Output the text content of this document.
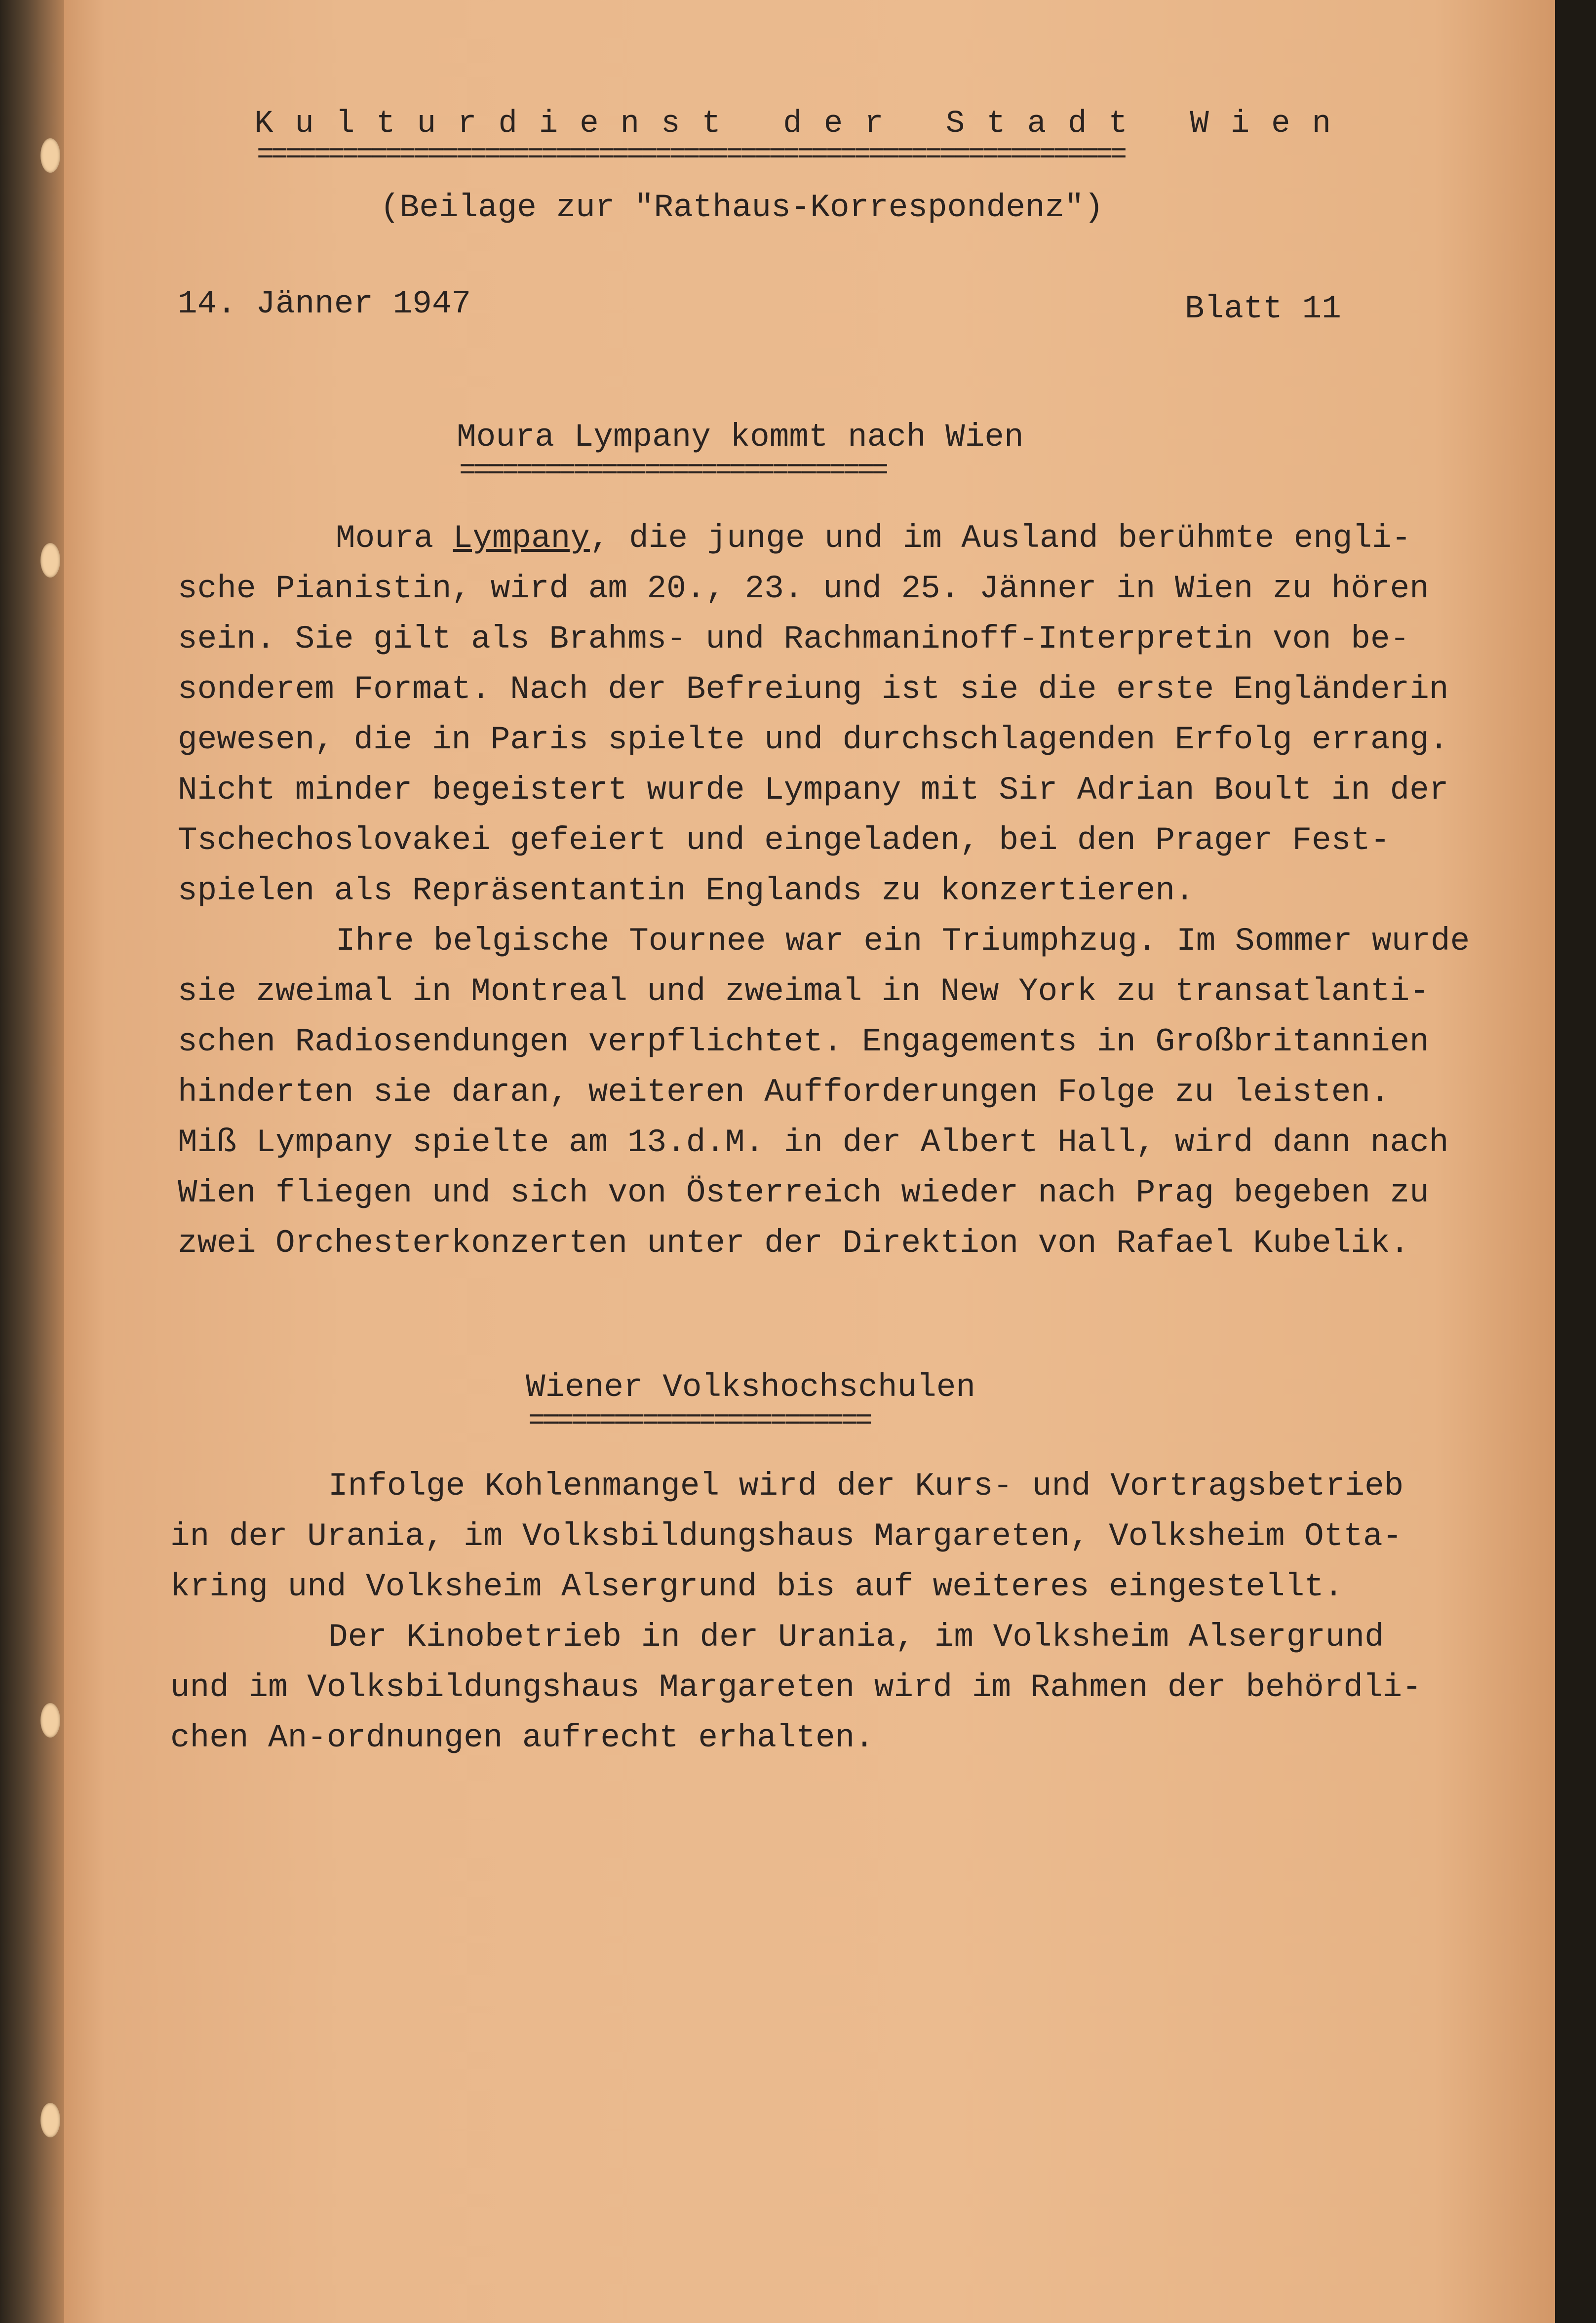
Kulturdienst der Stadt Wien

=============================================================

(Beilage zur "Rathaus-Korrespondenz")

14. Jänner 1947	Blatt 11

Moura Lympany kommt nach Wien

==============================

Moura Lympany, die junge und im Ausland berühmte engli-

sche Pianistin, wird am 20., 23. und 25. Jänner in Wien zu hören

sein. Sie gilt als Brahms- und Rachmaninoff-Interpretin von be-

sonderem Format. Nach der Befreiung ist sie die erste Engländerin

gewesen, die in Paris spielte und durchschlagenden Erfolg errang.

Nicht minder begeistert wurde Lympany mit Sir Adrian Boult in der

Tschechoslovakei gefeiert und eingeladen, bei den Prager Fest-

spielen als Repräsentantin Englands zu konzertieren.

Ihre belgische Tournee war ein Triumphzug. Im Sommer wurde

sie zweimal in Montreal und zweimal in New York zu transatlanti-

schen Radiosendungen verpflichtet. Engagements in Großbritannien

hinderten sie daran, weiteren Aufforderungen Folge zu leisten.

Miß Lympany spielte am 13.d.M. in der Albert Hall, wird dann nach

Wien fliegen und sich von Österreich wieder nach Prag begeben zu

zwei Orchesterkonzerten unter der Direktion von Rafael Kubelik.

Wiener Volkshochschulen

========================

Infolge Kohlenmangel wird der Kurs- und Vortragsbetrieb

in der Urania, im Volksbildungshaus Margareten, Volksheim Otta-

kring und Volksheim Alsergrund bis auf weiteres eingestellt.

Der Kinobetrieb in der Urania, im Volksheim Alsergrund

und im Volksbildungshaus Margareten wird im Rahmen der behördli-

chen An-ordnungen aufrecht erhalten.
